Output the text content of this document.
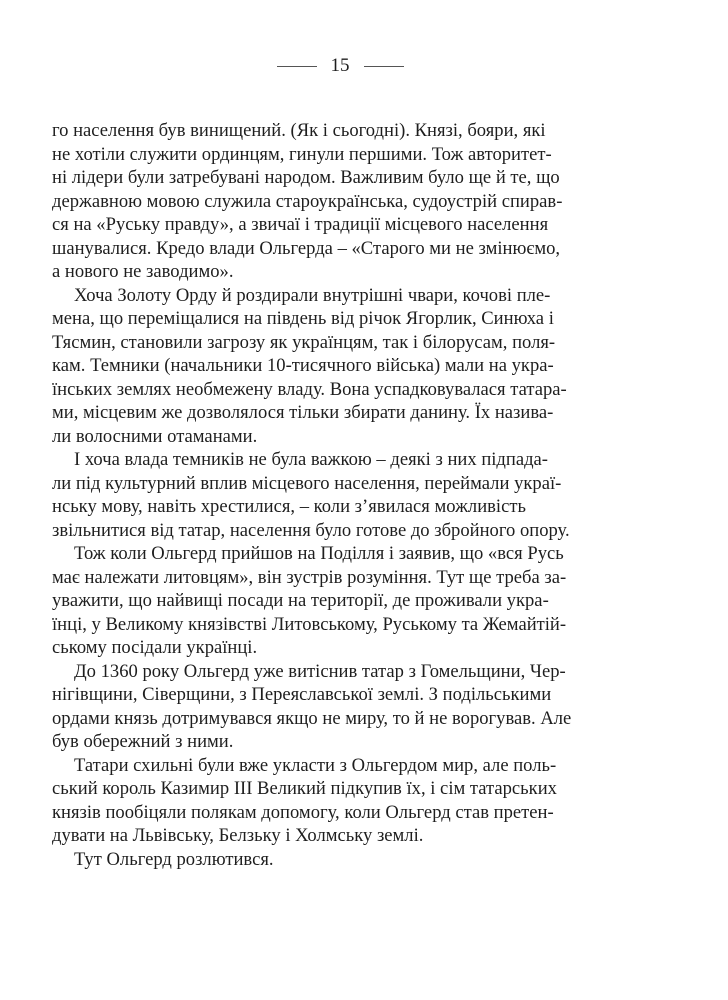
15
го населення був винищений. (Як і сьогодні). Князі, бояри, які
не хотіли служити ординцям, гинули першими. Тож авторитет-
ні лідери були затребувані народом. Важливим було ще й те, що
державною мовою служила староукраїнська, судоустрій спирав-
ся на «Руську правду», а звичаї і традиції місцевого населення
шанувалися. Кредо влади Ольгерда – «Старого ми не змінюємо,
а нового не заводимо».
Хоча Золоту Орду й роздирали внутрішні чвари, кочові пле-
мена, що переміщалися на південь від річок Ягорлик, Синюха і
Тясмин, становили загрозу як українцям, так і білорусам, поля-
кам. Темники (начальники 10-тисячного війська) мали на укра-
їнських землях необмежену владу. Вона успадковувалася татара-
ми, місцевим же дозволялося тільки збирати данину. Їх назива-
ли волосними отаманами.
І хоча влада темників не була важкою – деякі з них підпада-
ли під культурний вплив місцевого населення, переймали украї-
нську мову, навіть хрестилися, – коли з’явилася можливість
звільнитися від татар, населення було готове до збройного опору.
Тож коли Ольгерд прийшов на Поділля і заявив, що «вся Русь
має належати литовцям», він зустрів розуміння. Тут ще треба за-
уважити, що найвищі посади на території, де проживали укра-
їнці, у Великому князівстві Литовському, Руському та Жемайтій-
ському посідали українці.
До 1360 року Ольгерд уже витіснив татар з Гомельщини, Чер-
нігівщини, Сіверщини, з Переяславської землі. З подільськими
ордами князь дотримувався якщо не миру, то й не ворогував. Але
був обережний з ними.
Татари схильні були вже укласти з Ольгердом мир, але поль-
ський король Казимир III Великий підкупив їх, і сім татарських
князів пообіцяли полякам допомогу, коли Ольгерд став претен-
дувати на Львівську, Белзьку і Холмську землі.
Тут Ольгерд розлютився.
